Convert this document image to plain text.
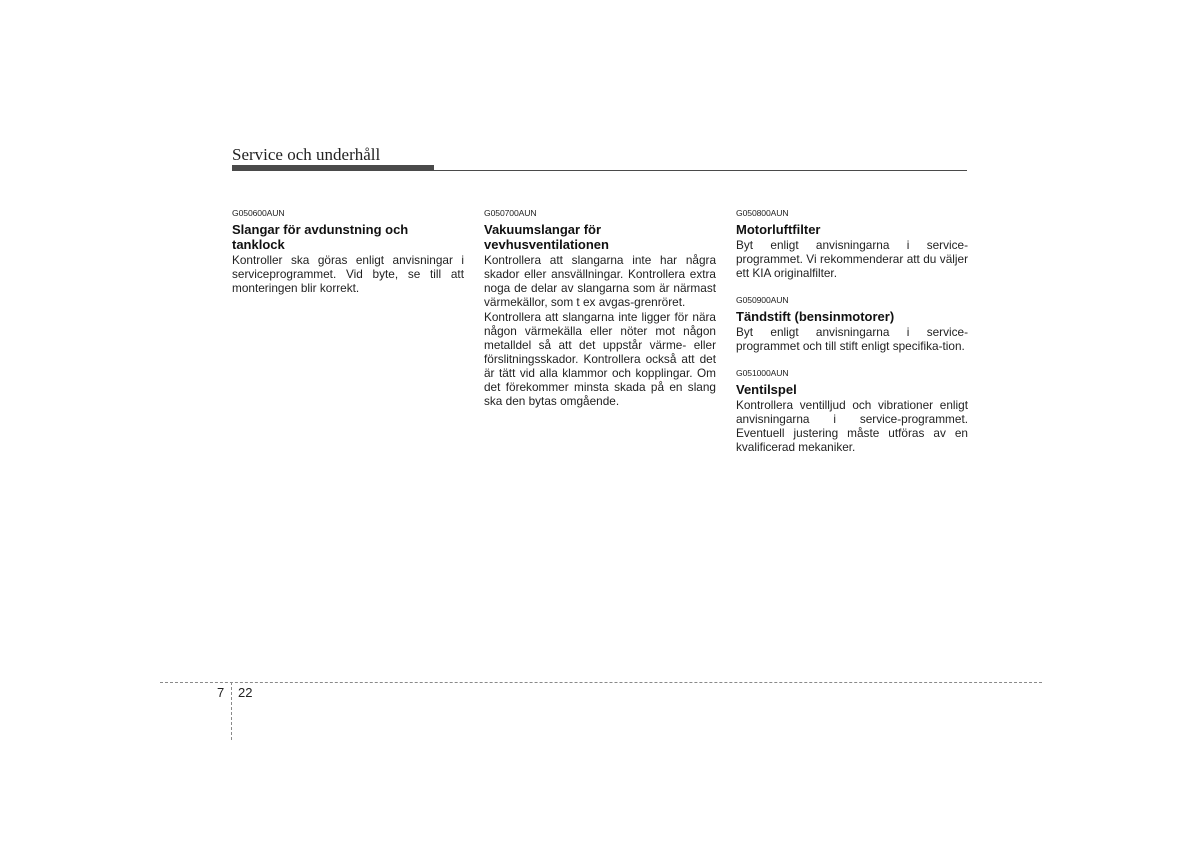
Service och underhåll
G050600AUN
Slangar för avdunstning och tanklock
Kontroller ska göras enligt anvisningar i serviceprogrammet. Vid byte, se till att monteringen blir korrekt.
G050700AUN
Vakuumslangar för vevhusventilationen
Kontrollera att slangarna inte har några skador eller ansvällningar. Kontrollera extra noga de delar av slangarna som är närmast värmekällor, som t ex avgas-grenröret.
Kontrollera att slangarna inte ligger för nära någon värmekälla eller nöter mot någon metalldel så att det uppstår värme- eller förslitningsskador. Kontrollera också att det är tätt vid alla klammor och kopplingar. Om det förekommer minsta skada på en slang ska den bytas omgående.
G050800AUN
Motorluftfilter
Byt enligt anvisningarna i service-programmet. Vi rekommenderar att du väljer ett KIA originalfilter.
G050900AUN
Tändstift (bensinmotorer)
Byt enligt anvisningarna i service-programmet och till stift enligt specifika-tion.
G051000AUN
Ventilspel
Kontrollera ventilljud och vibrationer enligt anvisningarna i service-programmet. Eventuell justering måste utföras av en kvalificerad mekaniker.
7 22
